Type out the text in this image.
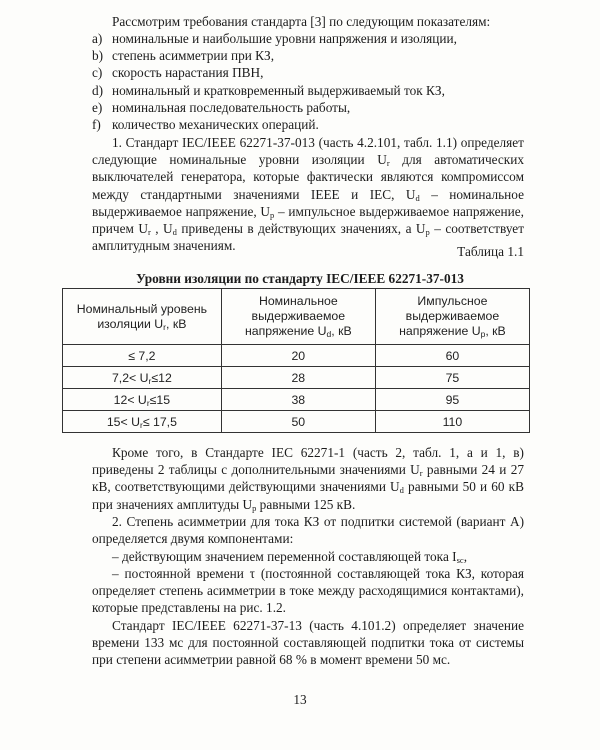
Рассмотрим требования стандарта [3] по следующим показателям:

a) номинальные и наибольшие уровни напряжения и изоляции,
b) степень асимметрии при КЗ,
c) скорость нарастания ПВН,
d) номинальный и кратковременный выдерживаемый ток КЗ,
e) номинальная последовательность работы,
f) количество механических операций.

1. Стандарт IEC/IEEE 62271-37-013 (часть 4.2.101, табл. 1.1) определяет следующие номинальные уровни изоляции $U_r$ для автоматических выключателей генератора, которые фактически являются компромиссом между стандартными значениями IEEE и IEC, $U_d$ – номинальное выдерживаемое напряжение, $U_p$ – импульсное выдерживаемое напряжение, причем $U_r$ , $U_d$ приведены в действующих значениях, а $U_p$ – соответствует амплитудным значениям.	Таблица 1.1
Уровни изоляции по стандарту IEC/IEEE 62271-37-013
Номинальный уровень изоляции $U_r$, кВ	Номинальное выдерживаемое напряжение $U_d$, кВ	Импульсное выдерживаемое напряжение $U_p$, кВ
≤ 7,2	20	60
$7,2< U_r\le 12$	28	75
$12< U_r\le 15$	38	95
$15< U_r\le 17,5$	50	110

Кроме того, в Стандарте IEC 62271-1 (часть 2, табл. 1, а и 1, в) приведены 2 таблицы с дополнительными значениями $U_r$ равными 24 и 27 кВ, соответствующими действующими значениями $U_d$ равными 50 и 60 кВ при значениях амплитуды $U_p$ равными 125 кВ.

2. Степень асимметрии для тока КЗ от подпитки системой (вариант А) определяется двумя компонентами:

– действующим значением переменной составляющей тока $I_{sc}$,

– постоянной времени τ (постоянной составляющей тока КЗ, которая определяет степень асимметрии в токе между расходящимися контактами), которые представлены на рис. 1.2.

Стандарт IEC/IEEE 62271-37-13 (часть 4.101.2) определяет значение времени 133 мс для постоянной составляющей подпитки тока от системы при степени асимметрии равной 68 % в момент времени 50 мс.

13
